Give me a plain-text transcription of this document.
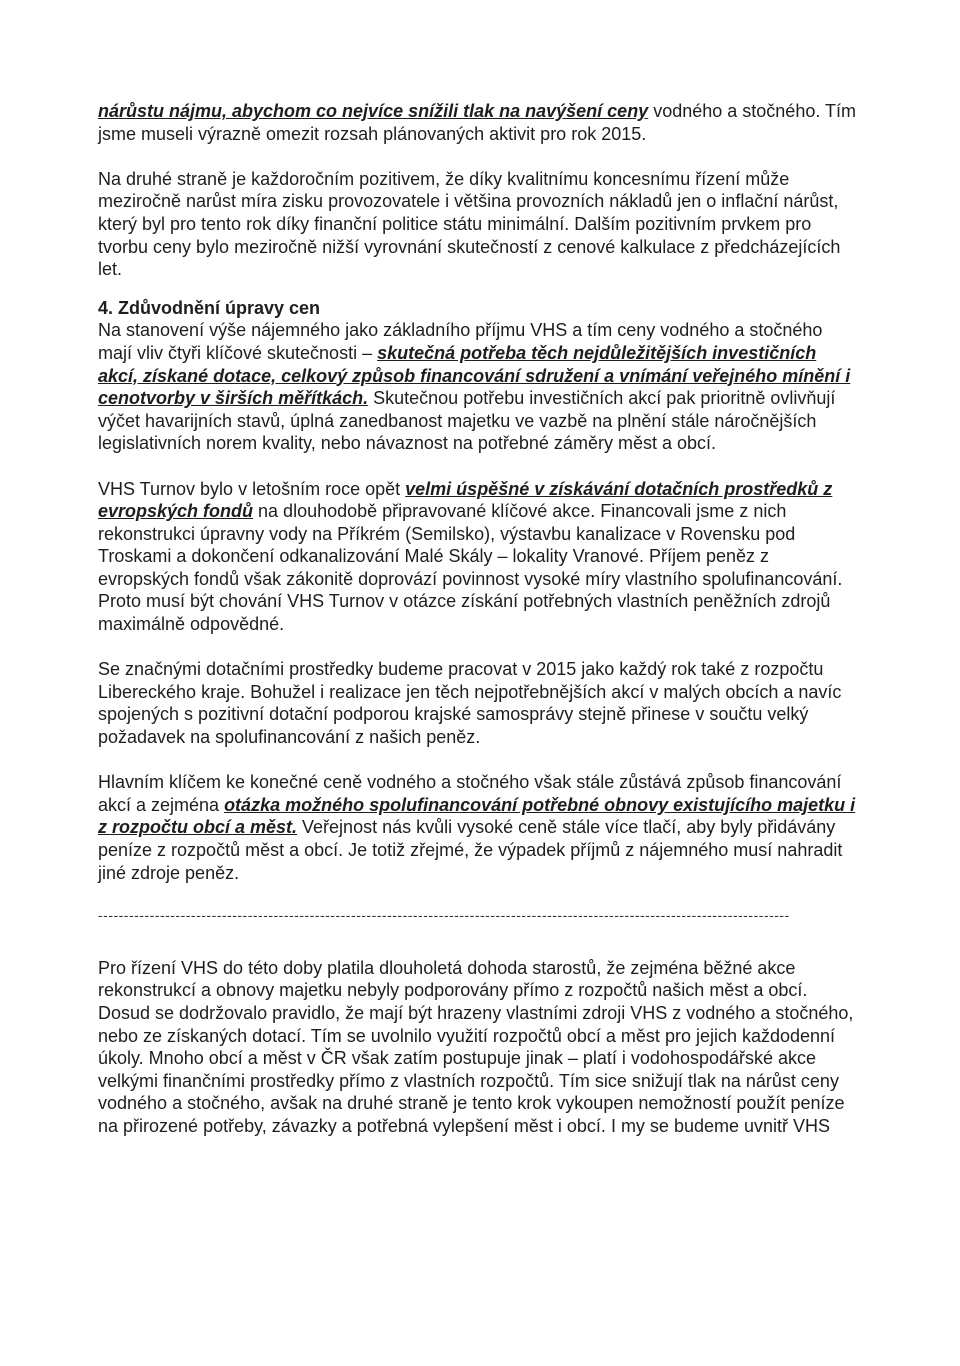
nárůstu nájmu, abychom co nejvíce snížili tlak na navýšení ceny vodného a stočného. Tím jsme museli výrazně omezit rozsah plánovaných aktivit pro rok 2015.

Na druhé straně je každoročním pozitivem, že díky kvalitnímu koncesnímu řízení může meziročně narůst míra zisku provozovatele i většina provozních nákladů jen o inflační nárůst, který byl pro tento rok díky finanční politice státu minimální. Dalším pozitivním prvkem pro tvorbu ceny bylo meziročně nižší vyrovnání skutečností z cenové kalkulace z předcházejících let.

4. Zdůvodnění úpravy cen

Na stanovení výše nájemného jako základního příjmu VHS a tím ceny vodného a stočného mají vliv čtyři klíčové skutečnosti – skutečná potřeba těch nejdůležitějších investičních akcí, získané dotace, celkový způsob financování sdružení a vnímání veřejného mínění i cenotvorby v širších měřítkách. Skutečnou potřebu investičních akcí pak prioritně ovlivňují výčet havarijních stavů, úplná zanedbanost majetku ve vazbě na plnění stále náročnějších legislativních norem kvality, nebo návaznost na potřebné záměry měst a obcí.

VHS Turnov bylo v letošním roce opět velmi úspěšné v získávání dotačních prostředků z evropských fondů na dlouhodobě připravované klíčové akce. Financovali jsme z nich rekonstrukci úpravny vody na Příkrém (Semilsko), výstavbu kanalizace v Rovensku pod Troskami a dokončení odkanalizování Malé Skály – lokality Vranové. Příjem peněz z evropských fondů však zákonitě doprovází povinnost vysoké míry vlastního spolufinancování. Proto musí být chování VHS Turnov v otázce získání potřebných vlastních peněžních zdrojů maximálně odpovědné.

Se značnými dotačními prostředky budeme pracovat v 2015 jako každý rok také z rozpočtu Libereckého kraje. Bohužel i realizace jen těch nejpotřebnějších akcí v malých obcích a navíc spojených s pozitivní dotační podporou krajské samosprávy stejně přinese v součtu velký požadavek na spolufinancování z našich peněz.

Hlavním klíčem ke konečné ceně vodného a stočného však stále zůstává způsob financování akcí a zejména otázka možného spolufinancování potřebné obnovy existujícího majetku i z rozpočtu obcí a měst. Veřejnost nás kvůli vysoké ceně stále více tlačí, aby byly přidávány peníze z rozpočtů měst a obcí. Je totiž zřejmé, že výpadek příjmů z nájemného musí nahradit jiné zdroje peněz.

--------------------------------------------------------------------------------------------------------------------------------------

Pro řízení VHS do této doby platila dlouholetá dohoda starostů, že zejména běžné akce rekonstrukcí a obnovy majetku nebyly podporovány přímo z rozpočtů našich měst a obcí. Dosud se dodržovalo pravidlo, že mají být hrazeny vlastními zdroji VHS z vodného a stočného, nebo ze získaných dotací. Tím se uvolnilo využití rozpočtů obcí a měst pro jejich každodenní úkoly. Mnoho obcí a měst v ČR však zatím postupuje jinak – platí i vodohospodářské akce velkými finančními prostředky přímo z vlastních rozpočtů. Tím sice snižují tlak na nárůst ceny vodného a stočného, avšak na druhé straně je tento krok vykoupen nemožností použít peníze na přirozené potřeby, závazky a potřebná vylepšení měst i obcí. I my se budeme uvnitř VHS
